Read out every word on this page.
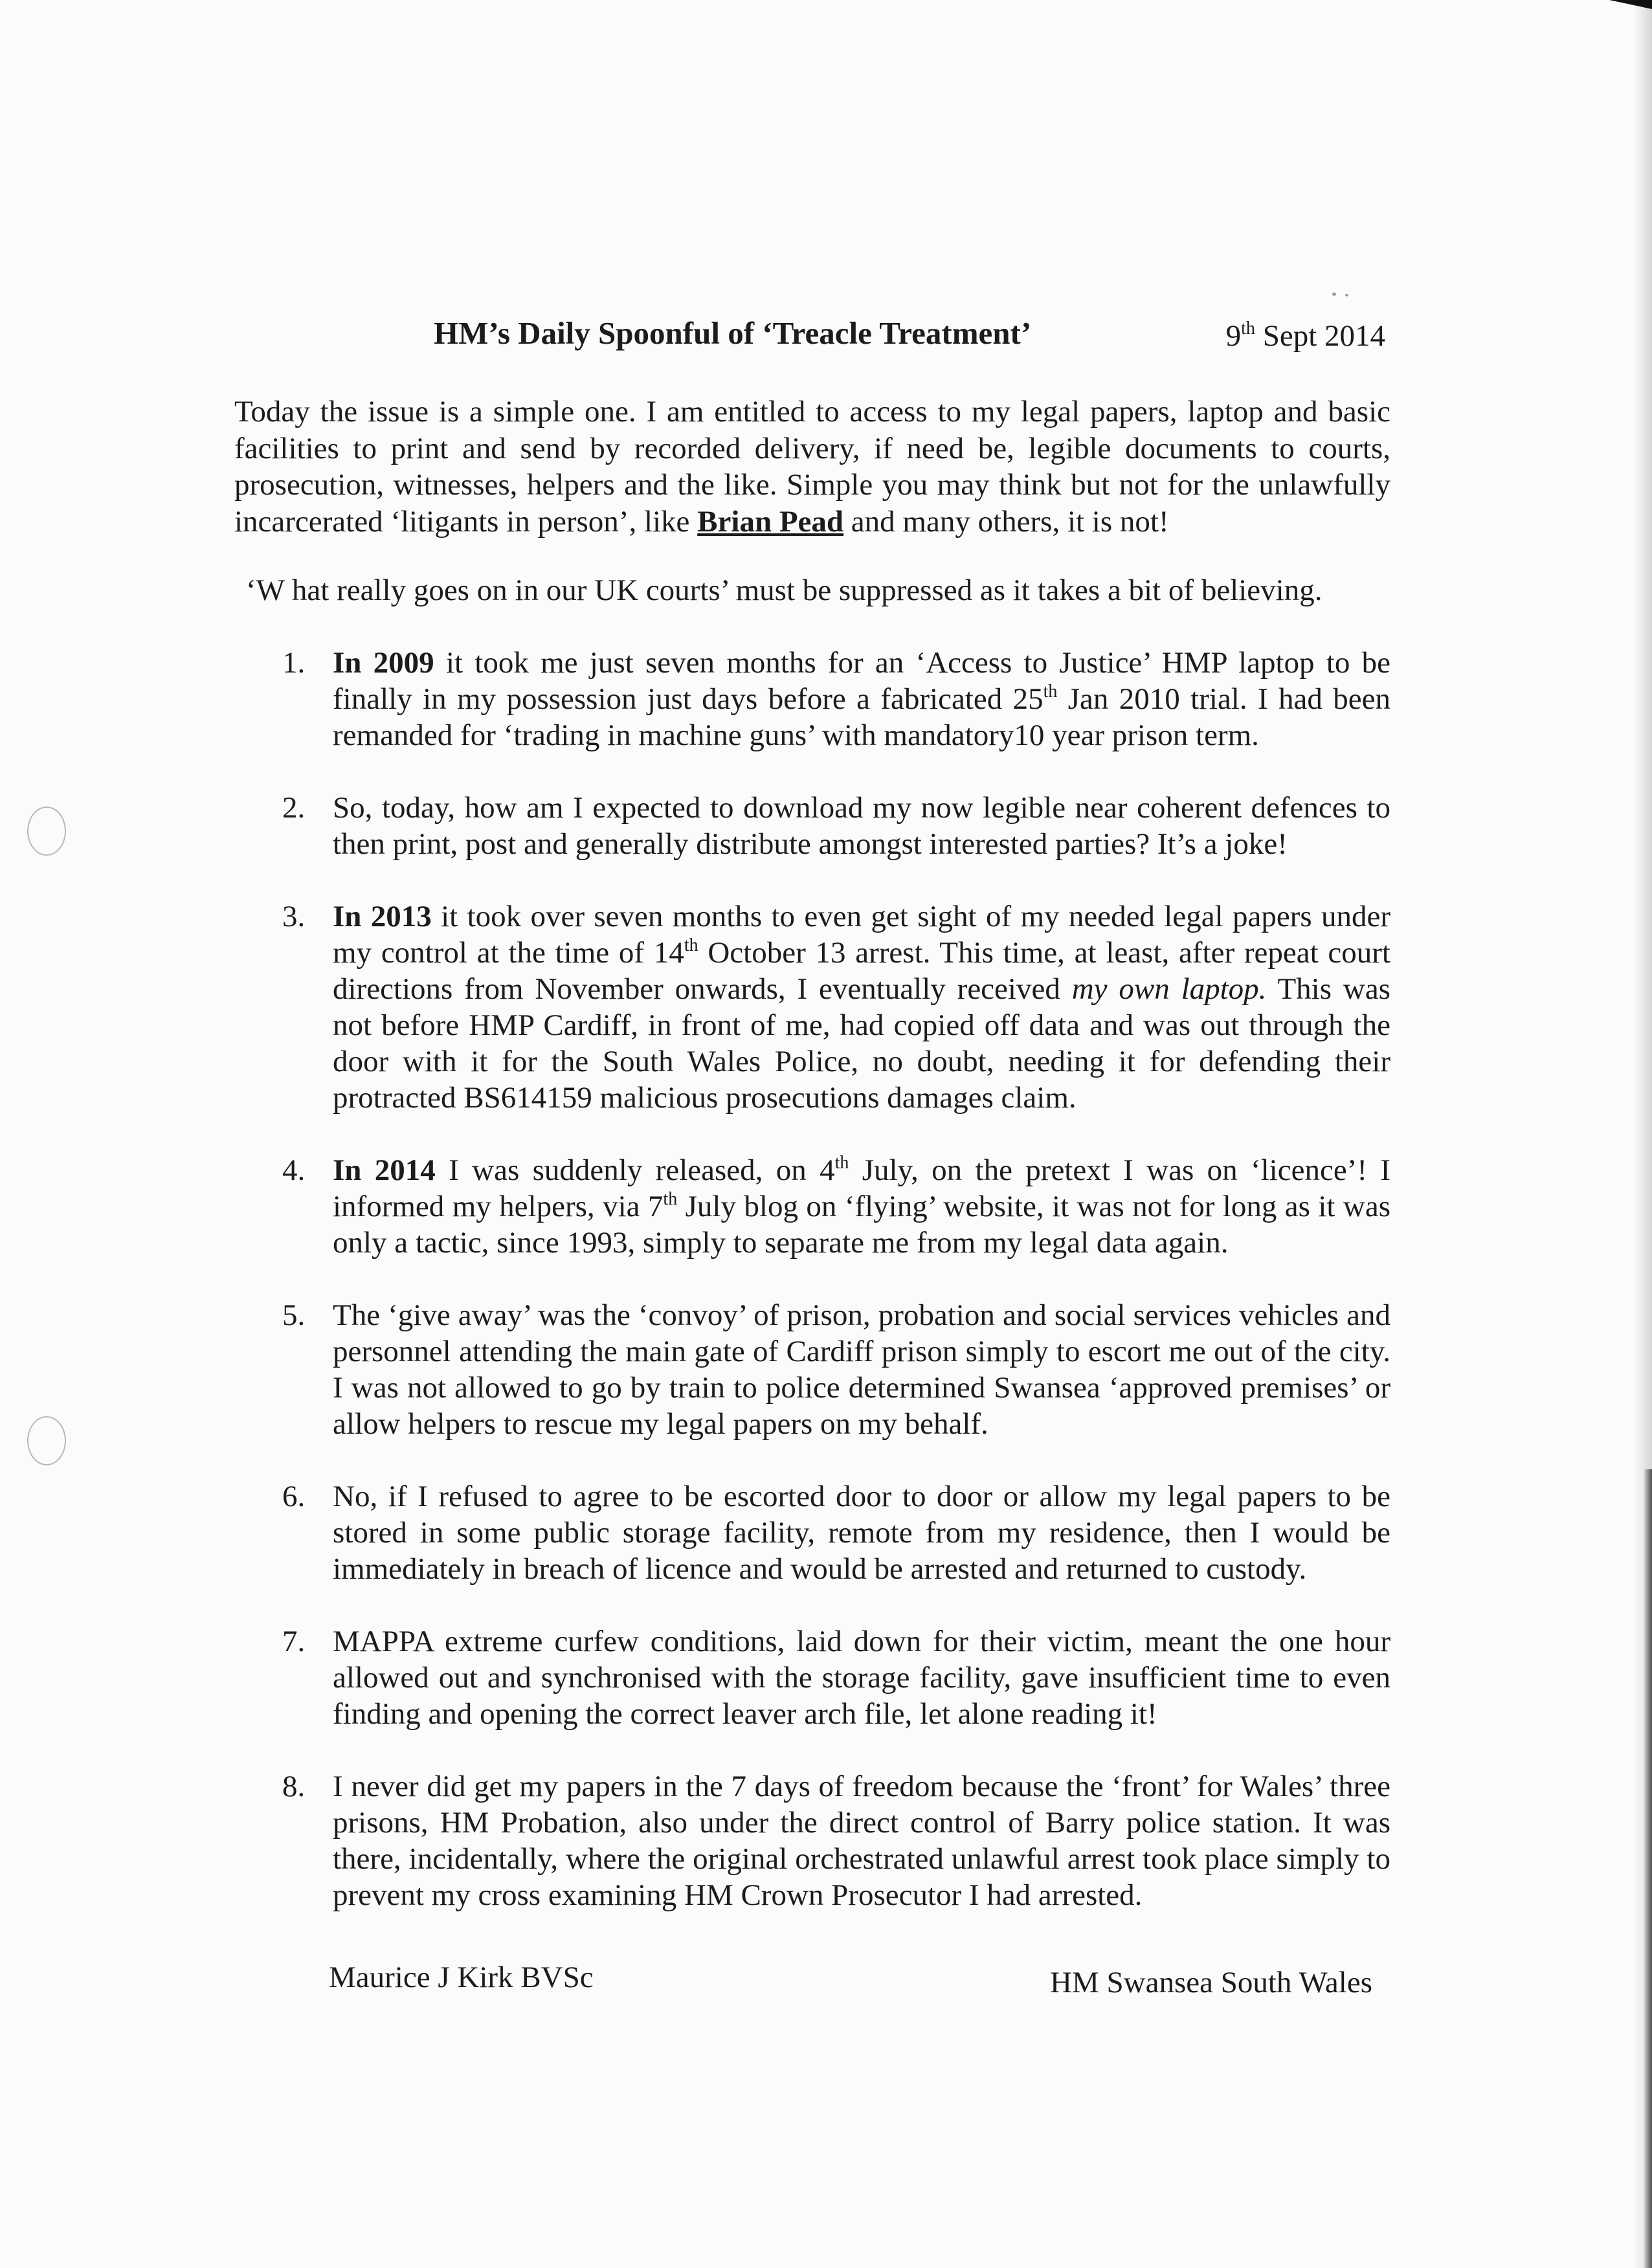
HM’s Daily Spoonful of ‘Treacle Treatment’	9th Sept 2014
Today the issue is a simple one. I am entitled to access to my legal papers, laptop and basic facilities to print and send by recorded delivery, if need be, legible documents to courts, prosecution, witnesses, helpers and the like. Simple you may think but not for the unlawfully incarcerated ‘litigants in person’, like Brian Pead and many others, it is not!
‘W hat really goes on in our UK courts’ must be suppressed as it takes a bit of believing.
1. In 2009 it took me just seven months for an ‘Access to Justice’ HMP laptop to be finally in my possession just days before a fabricated 25th Jan 2010 trial. I had been remanded for ‘trading in machine guns’ with mandatory10 year prison term.
2. So, today, how am I expected to download my now legible near coherent defences to then print, post and generally distribute amongst interested parties? It’s a joke!
3. In 2013 it took over seven months to even get sight of my needed legal papers under my control at the time of 14th October 13 arrest. This time, at least, after repeat court directions from November onwards, I eventually received my own laptop. This was not before HMP Cardiff, in front of me, had copied off data and was out through the door with it for the South Wales Police, no doubt, needing it for defending their protracted BS614159 malicious prosecutions damages claim.
4. In 2014 I was suddenly released, on 4th July, on the pretext I was on ‘licence’! I informed my helpers, via 7th July blog on ‘flying’ website, it was not for long as it was only a tactic, since 1993, simply to separate me from my legal data again.
5. The ‘give away’ was the ‘convoy’ of prison, probation and social services vehicles and personnel attending the main gate of Cardiff prison simply to escort me out of the city. I was not allowed to go by train to police determined Swansea ‘approved premises’ or allow helpers to rescue my legal papers on my behalf.
6. No, if I refused to agree to be escorted door to door or allow my legal papers to be stored in some public storage facility, remote from my residence, then I would be immediately in breach of licence and would be arrested and returned to custody.
7. MAPPA extreme curfew conditions, laid down for their victim, meant the one hour allowed out and synchronised with the storage facility, gave insufficient time to even finding and opening the correct leaver arch file, let alone reading it!
8. I never did get my papers in the 7 days of freedom because the ‘front’ for Wales’ three prisons, HM Probation, also under the direct control of Barry police station. It was there, incidentally, where the original orchestrated unlawful arrest took place simply to prevent my cross examining HM Crown Prosecutor I had arrested.
Maurice J Kirk BVSc	HM Swansea South Wales
